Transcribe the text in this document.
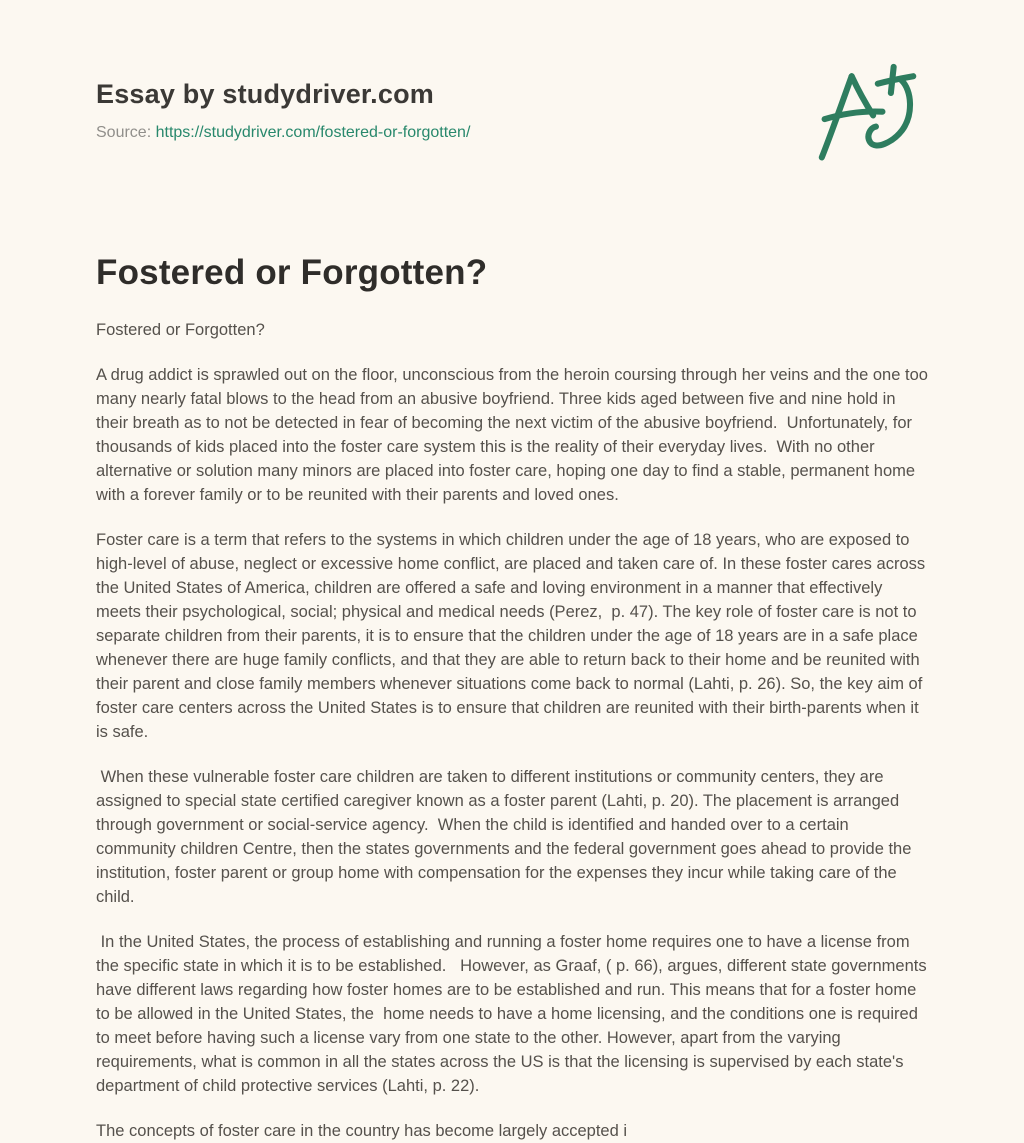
Essay by studydriver.com
Source: https://studydriver.com/fostered-or-forgotten/
Fostered or Forgotten?

Fostered or Forgotten?

A drug addict is sprawled out on the floor, unconscious from the heroin coursing through her veins and the one too many nearly fatal blows to the head from an abusive boyfriend. Three kids aged between five and nine hold in their breath as to not be detected in fear of becoming the next victim of the abusive boyfriend.  Unfortunately, for thousands of kids placed into the foster care system this is the reality of their everyday lives.  With no other alternative or solution many minors are placed into foster care, hoping one day to find a stable, permanent home with a forever family or to be reunited with their parents and loved ones.

Foster care is a term that refers to the systems in which children under the age of 18 years, who are exposed to high-level of abuse, neglect or excessive home conflict, are placed and taken care of. In these foster cares across the United States of America, children are offered a safe and loving environment in a manner that effectively meets their psychological, social; physical and medical needs (Perez,  p. 47). The key role of foster care is not to separate children from their parents, it is to ensure that the children under the age of 18 years are in a safe place whenever there are huge family conflicts, and that they are able to return back to their home and be reunited with their parent and close family members whenever situations come back to normal (Lahti, p. 26). So, the key aim of foster care centers across the United States is to ensure that children are reunited with their birth-parents when it is safe.

When these vulnerable foster care children are taken to different institutions or community centers, they are assigned to special state certified caregiver known as a foster parent (Lahti, p. 20). The placement is arranged through government or social-service agency.  When the child is identified and handed over to a certain community children Centre, then the states governments and the federal government goes ahead to provide the institution, foster parent or group home with compensation for the expenses they incur while taking care of the child.

In the United States, the process of establishing and running a foster home requires one to have a license from the specific state in which it is to be established.   However, as Graaf, ( p. 66), argues, different state governments have different laws regarding how foster homes are to be established and run. This means that for a foster home to be allowed in the United States, the  home needs to have a home licensing, and the conditions one is required to meet before having such a license vary from one state to the other. However, apart from the varying requirements, what is common in all the states across the US is that the licensing is supervised by each state's department of child protective services (Lahti, p. 22).

The concepts of foster care in the country has become largely accepted i
